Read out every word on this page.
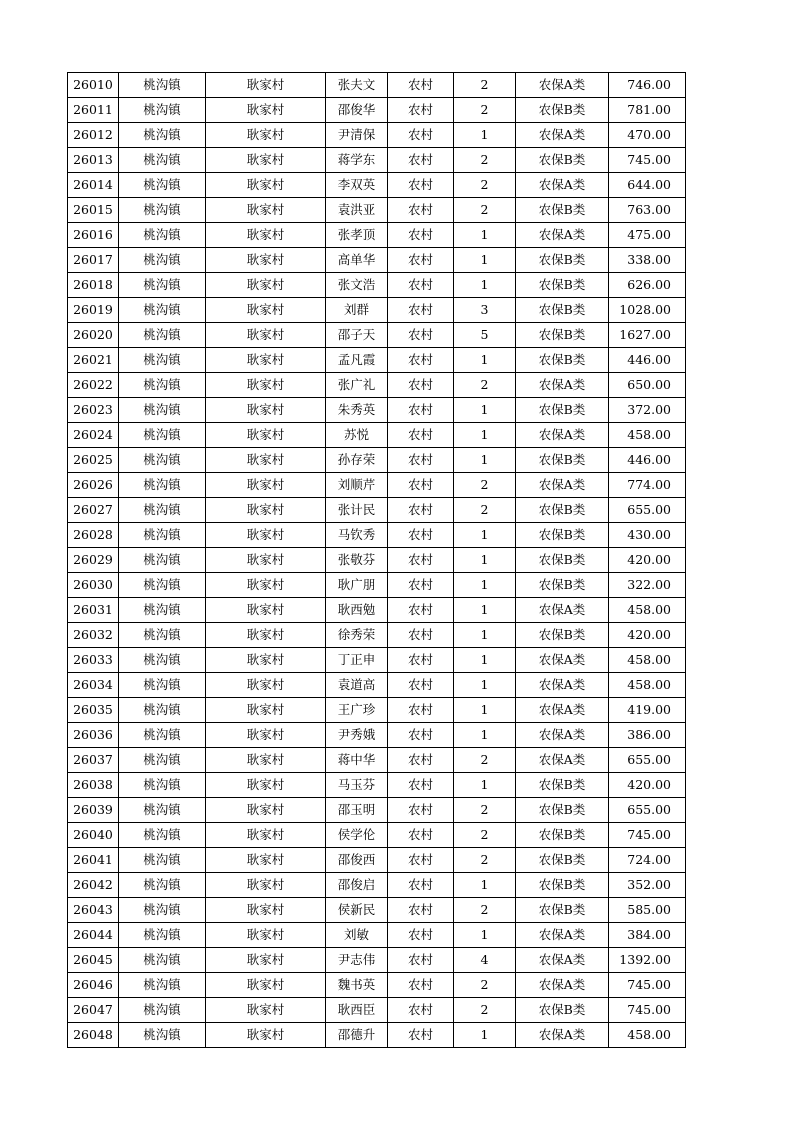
26010	桃沟镇	耿家村	张夫文	农村	2	农保A类	746.00
26011	桃沟镇	耿家村	邵俊华	农村	2	农保B类	781.00
26012	桃沟镇	耿家村	尹清保	农村	1	农保A类	470.00
26013	桃沟镇	耿家村	蒋学东	农村	2	农保B类	745.00
26014	桃沟镇	耿家村	李双英	农村	2	农保A类	644.00
26015	桃沟镇	耿家村	袁洪亚	农村	2	农保B类	763.00
26016	桃沟镇	耿家村	张孝顶	农村	1	农保A类	475.00
26017	桃沟镇	耿家村	高单华	农村	1	农保B类	338.00
26018	桃沟镇	耿家村	张文浩	农村	1	农保B类	626.00
26019	桃沟镇	耿家村	刘群	农村	3	农保B类	1028.00
26020	桃沟镇	耿家村	邵子天	农村	5	农保B类	1627.00
26021	桃沟镇	耿家村	孟凡霞	农村	1	农保B类	446.00
26022	桃沟镇	耿家村	张广礼	农村	2	农保A类	650.00
26023	桃沟镇	耿家村	朱秀英	农村	1	农保B类	372.00
26024	桃沟镇	耿家村	苏悦	农村	1	农保A类	458.00
26025	桃沟镇	耿家村	孙存荣	农村	1	农保B类	446.00
26026	桃沟镇	耿家村	刘顺芹	农村	2	农保A类	774.00
26027	桃沟镇	耿家村	张计民	农村	2	农保B类	655.00
26028	桃沟镇	耿家村	马钦秀	农村	1	农保B类	430.00
26029	桃沟镇	耿家村	张敬芬	农村	1	农保B类	420.00
26030	桃沟镇	耿家村	耿广朋	农村	1	农保B类	322.00
26031	桃沟镇	耿家村	耿西勉	农村	1	农保A类	458.00
26032	桃沟镇	耿家村	徐秀荣	农村	1	农保B类	420.00
26033	桃沟镇	耿家村	丁正申	农村	1	农保A类	458.00
26034	桃沟镇	耿家村	袁道高	农村	1	农保A类	458.00
26035	桃沟镇	耿家村	王广珍	农村	1	农保A类	419.00
26036	桃沟镇	耿家村	尹秀娥	农村	1	农保A类	386.00
26037	桃沟镇	耿家村	蒋中华	农村	2	农保A类	655.00
26038	桃沟镇	耿家村	马玉芬	农村	1	农保B类	420.00
26039	桃沟镇	耿家村	邵玉明	农村	2	农保B类	655.00
26040	桃沟镇	耿家村	侯学伦	农村	2	农保B类	745.00
26041	桃沟镇	耿家村	邵俊西	农村	2	农保B类	724.00
26042	桃沟镇	耿家村	邵俊启	农村	1	农保B类	352.00
26043	桃沟镇	耿家村	侯新民	农村	2	农保B类	585.00
26044	桃沟镇	耿家村	刘敏	农村	1	农保A类	384.00
26045	桃沟镇	耿家村	尹志伟	农村	4	农保A类	1392.00
26046	桃沟镇	耿家村	魏书英	农村	2	农保A类	745.00
26047	桃沟镇	耿家村	耿西臣	农村	2	农保B类	745.00
26048	桃沟镇	耿家村	邵德升	农村	1	农保A类	458.00
